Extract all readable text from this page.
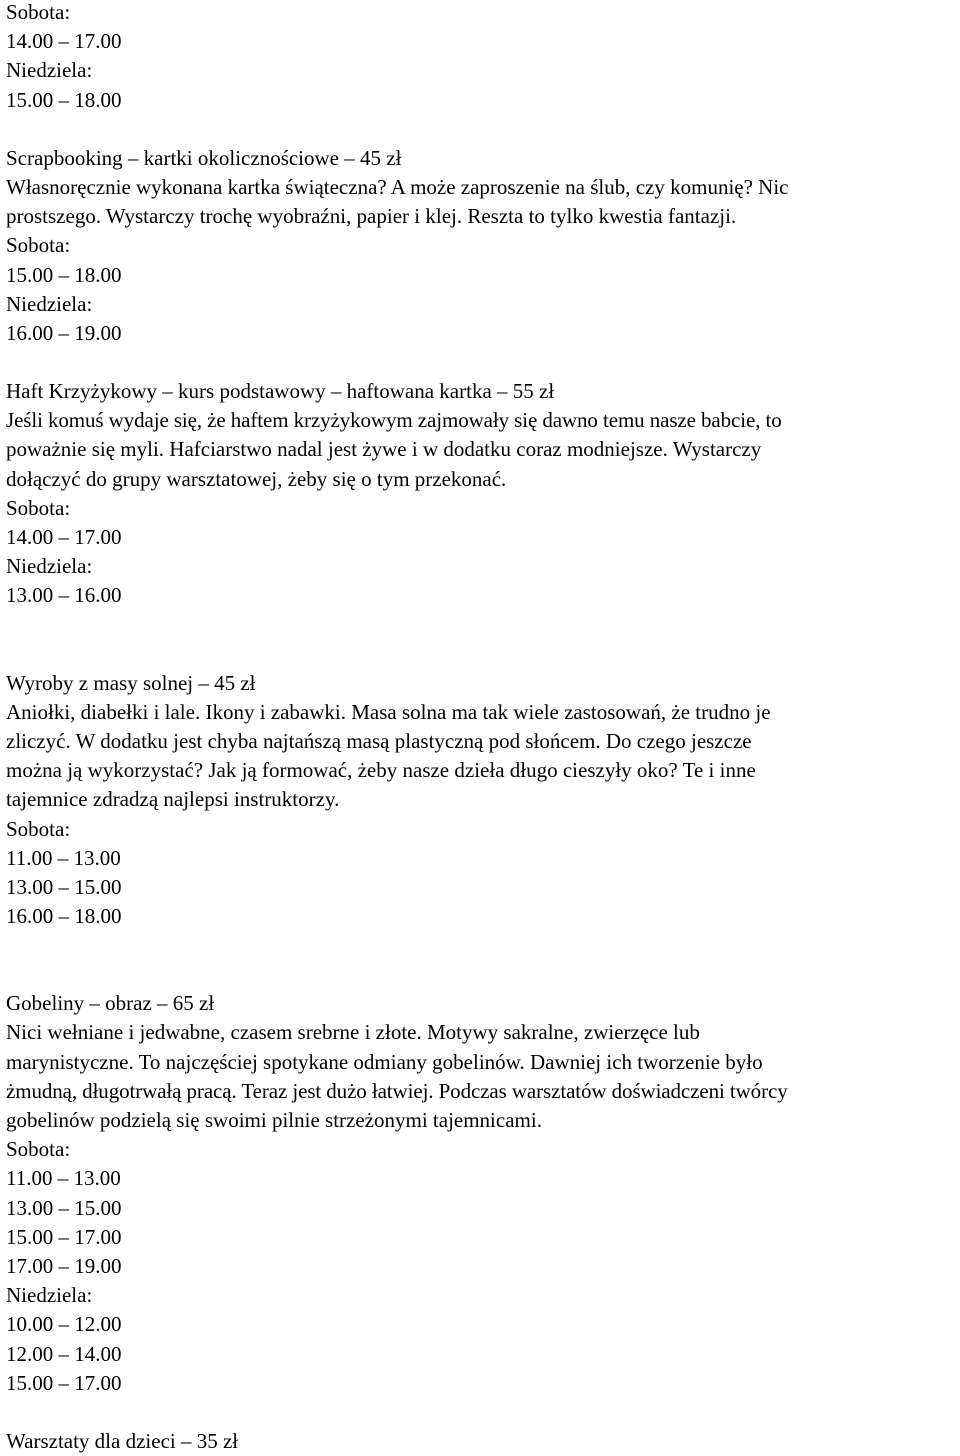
Sobota:
14.00 – 17.00
Niedziela:
15.00 – 18.00
Scrapbooking – kartki okolicznościowe – 45 zł
Własnoręcznie wykonana kartka świąteczna? A może zaproszenie na ślub, czy komunię? Nic
prostszego. Wystarczy trochę wyobraźni, papier i klej. Reszta to tylko kwestia fantazji.
Sobota:
15.00 – 18.00
Niedziela:
16.00 – 19.00
Haft Krzyżykowy – kurs podstawowy – haftowana kartka – 55 zł
Jeśli komuś wydaje się, że haftem krzyżykowym zajmowały się dawno temu nasze babcie, to
poważnie się myli. Hafciarstwo nadal jest żywe i w dodatku coraz modniejsze. Wystarczy
dołączyć do grupy warsztatowej, żeby się o tym przekonać.
Sobota:
14.00 – 17.00
Niedziela:
13.00 – 16.00
Wyroby z masy solnej – 45 zł
Aniołki, diabełki i lale. Ikony i zabawki. Masa solna ma tak wiele zastosowań, że trudno je
zliczyć. W dodatku jest chyba najtańszą masą plastyczną pod słońcem. Do czego jeszcze
można ją wykorzystać? Jak ją formować, żeby nasze dzieła długo cieszyły oko? Te i inne
tajemnice zdradzą najlepsi instruktorzy.
Sobota:
11.00 – 13.00
13.00 – 15.00
16.00 – 18.00
Gobeliny – obraz – 65 zł
Nici wełniane i jedwabne, czasem srebrne i złote. Motywy sakralne, zwierzęce lub
marynistyczne. To najczęściej spotykane odmiany gobelinów. Dawniej ich tworzenie było
żmudną, długotrwałą pracą. Teraz jest dużo łatwiej. Podczas warsztatów doświadczeni twórcy
gobelinów podzielą się swoimi pilnie strzeżonymi tajemnicami.
Sobota:
11.00 – 13.00
13.00 – 15.00
15.00 – 17.00
17.00 – 19.00
Niedziela:
10.00 – 12.00
12.00 – 14.00
15.00 – 17.00
Warsztaty dla dzieci – 35 zł
